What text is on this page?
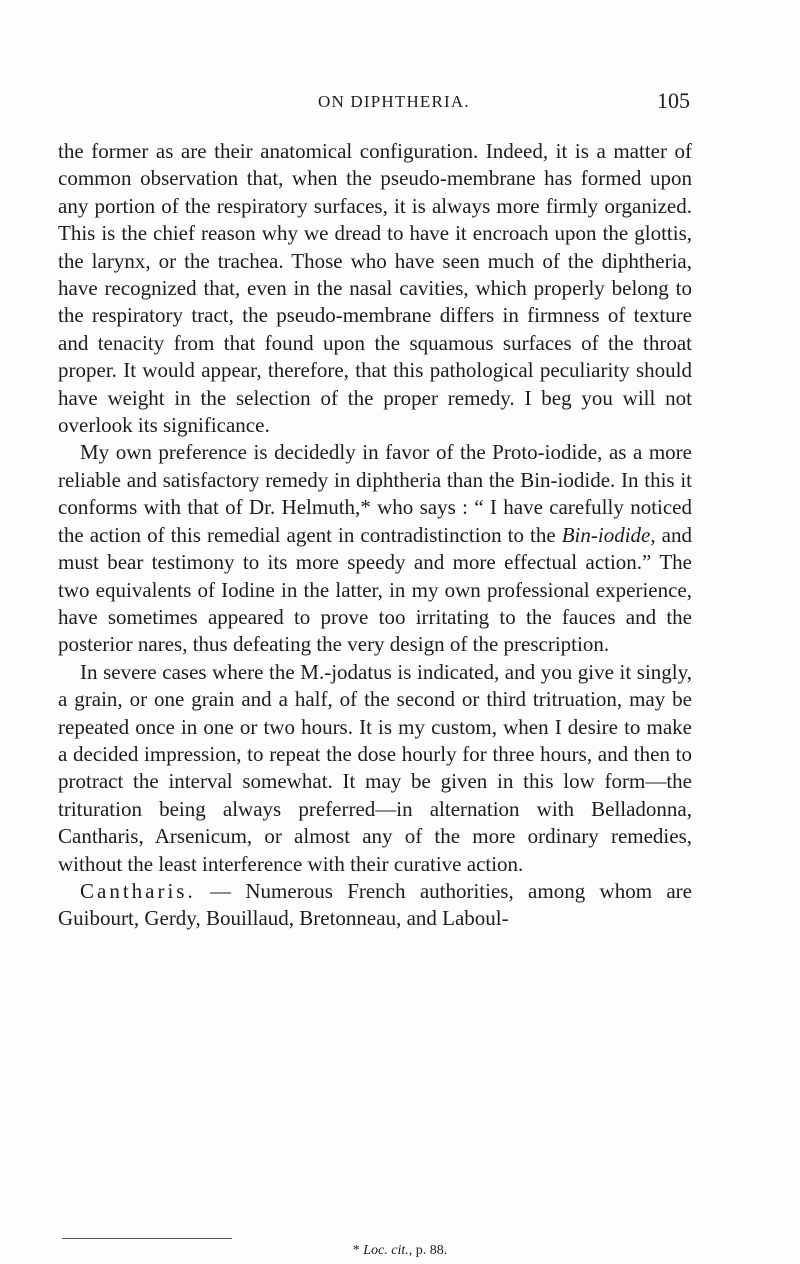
ON DIPHTHERIA.	105

the former as are their anatomical configuration. Indeed, it is a matter of common observation that, when the pseudo-membrane has formed upon any portion of the respiratory surfaces, it is always more firmly organized. This is the chief reason why we dread to have it encroach upon the glottis, the larynx, or the trachea. Those who have seen much of the diphtheria, have recognized that, even in the nasal cavities, which properly belong to the respiratory tract, the pseudo-membrane differs in firmness of texture and tenacity from that found upon the squamous surfaces of the throat proper. It would appear, therefore, that this pathological peculiarity should have weight in the selection of the proper remedy. I beg you will not overlook its significance.

My own preference is decidedly in favor of the Proto-iodide, as a more reliable and satisfactory remedy in diphtheria than the Bin-iodide. In this it conforms with that of Dr. Helmuth,* who says : “ I have carefully noticed the action of this remedial agent in contradistinction to the Bin-iodide, and must bear testimony to its more speedy and more effectual action.” The two equivalents of Iodine in the latter, in my own professional experience, have sometimes appeared to prove too irritating to the fauces and the posterior nares, thus defeating the very design of the prescription.

In severe cases where the M.-jodatus is indicated, and you give it singly, a grain, or one grain and a half, of the second or third tritruation, may be repeated once in one or two hours. It is my custom, when I desire to make a decided impression, to repeat the dose hourly for three hours, and then to protract the interval somewhat. It may be given in this low form—the trituration being always preferred—in alternation with Belladonna, Cantharis, Arsenicum, or almost any of the more ordinary remedies, without the least interference with their curative action.

Cantharis. — Numerous French authorities, among whom are Guibourt, Gerdy, Bouillaud, Bretonneau, and Laboul-

* Loc. cit., p. 88.
